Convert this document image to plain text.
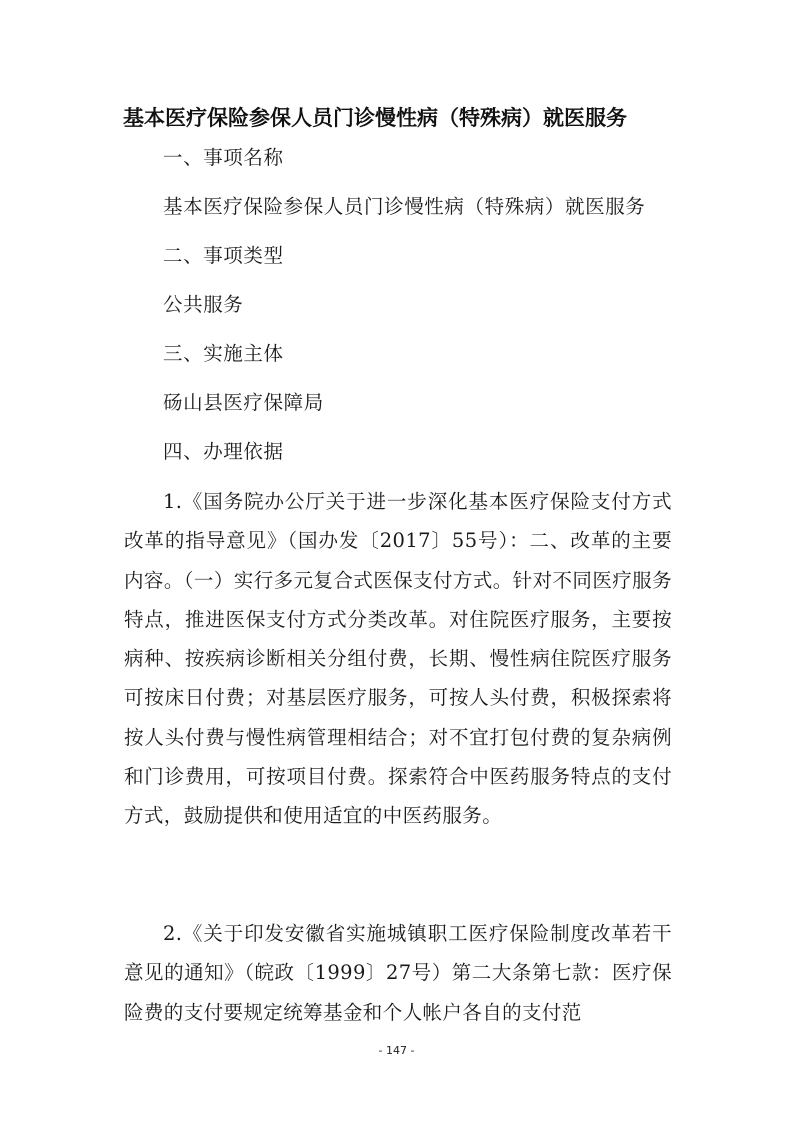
基本医疗保险参保人员门诊慢性病（特殊病）就医服务
一、事项名称
基本医疗保险参保人员门诊慢性病（特殊病）就医服务
二、事项类型
公共服务
三、实施主体
砀山县医疗保障局
四、办理依据
1.《国务院办公厅关于进一步深化基本医疗保险支付方式改革的指导意见》（国办发〔2017〕55号）：二、改革的主要内容。（一）实行多元复合式医保支付方式。针对不同医疗服务特点，推进医保支付方式分类改革。对住院医疗服务，主要按病种、按疾病诊断相关分组付费，长期、慢性病住院医疗服务可按床日付费；对基层医疗服务，可按人头付费，积极探索将按人头付费与慢性病管理相结合；对不宜打包付费的复杂病例和门诊费用，可按项目付费。探索符合中医药服务特点的支付方式，鼓励提供和使用适宜的中医药服务。
2.《关于印发安徽省实施城镇职工医疗保险制度改革若干意见的通知》（皖政〔1999〕27号）第二大条第七款：医疗保险费的支付要规定统筹基金和个人帐户各自的支付范
- 147 -
